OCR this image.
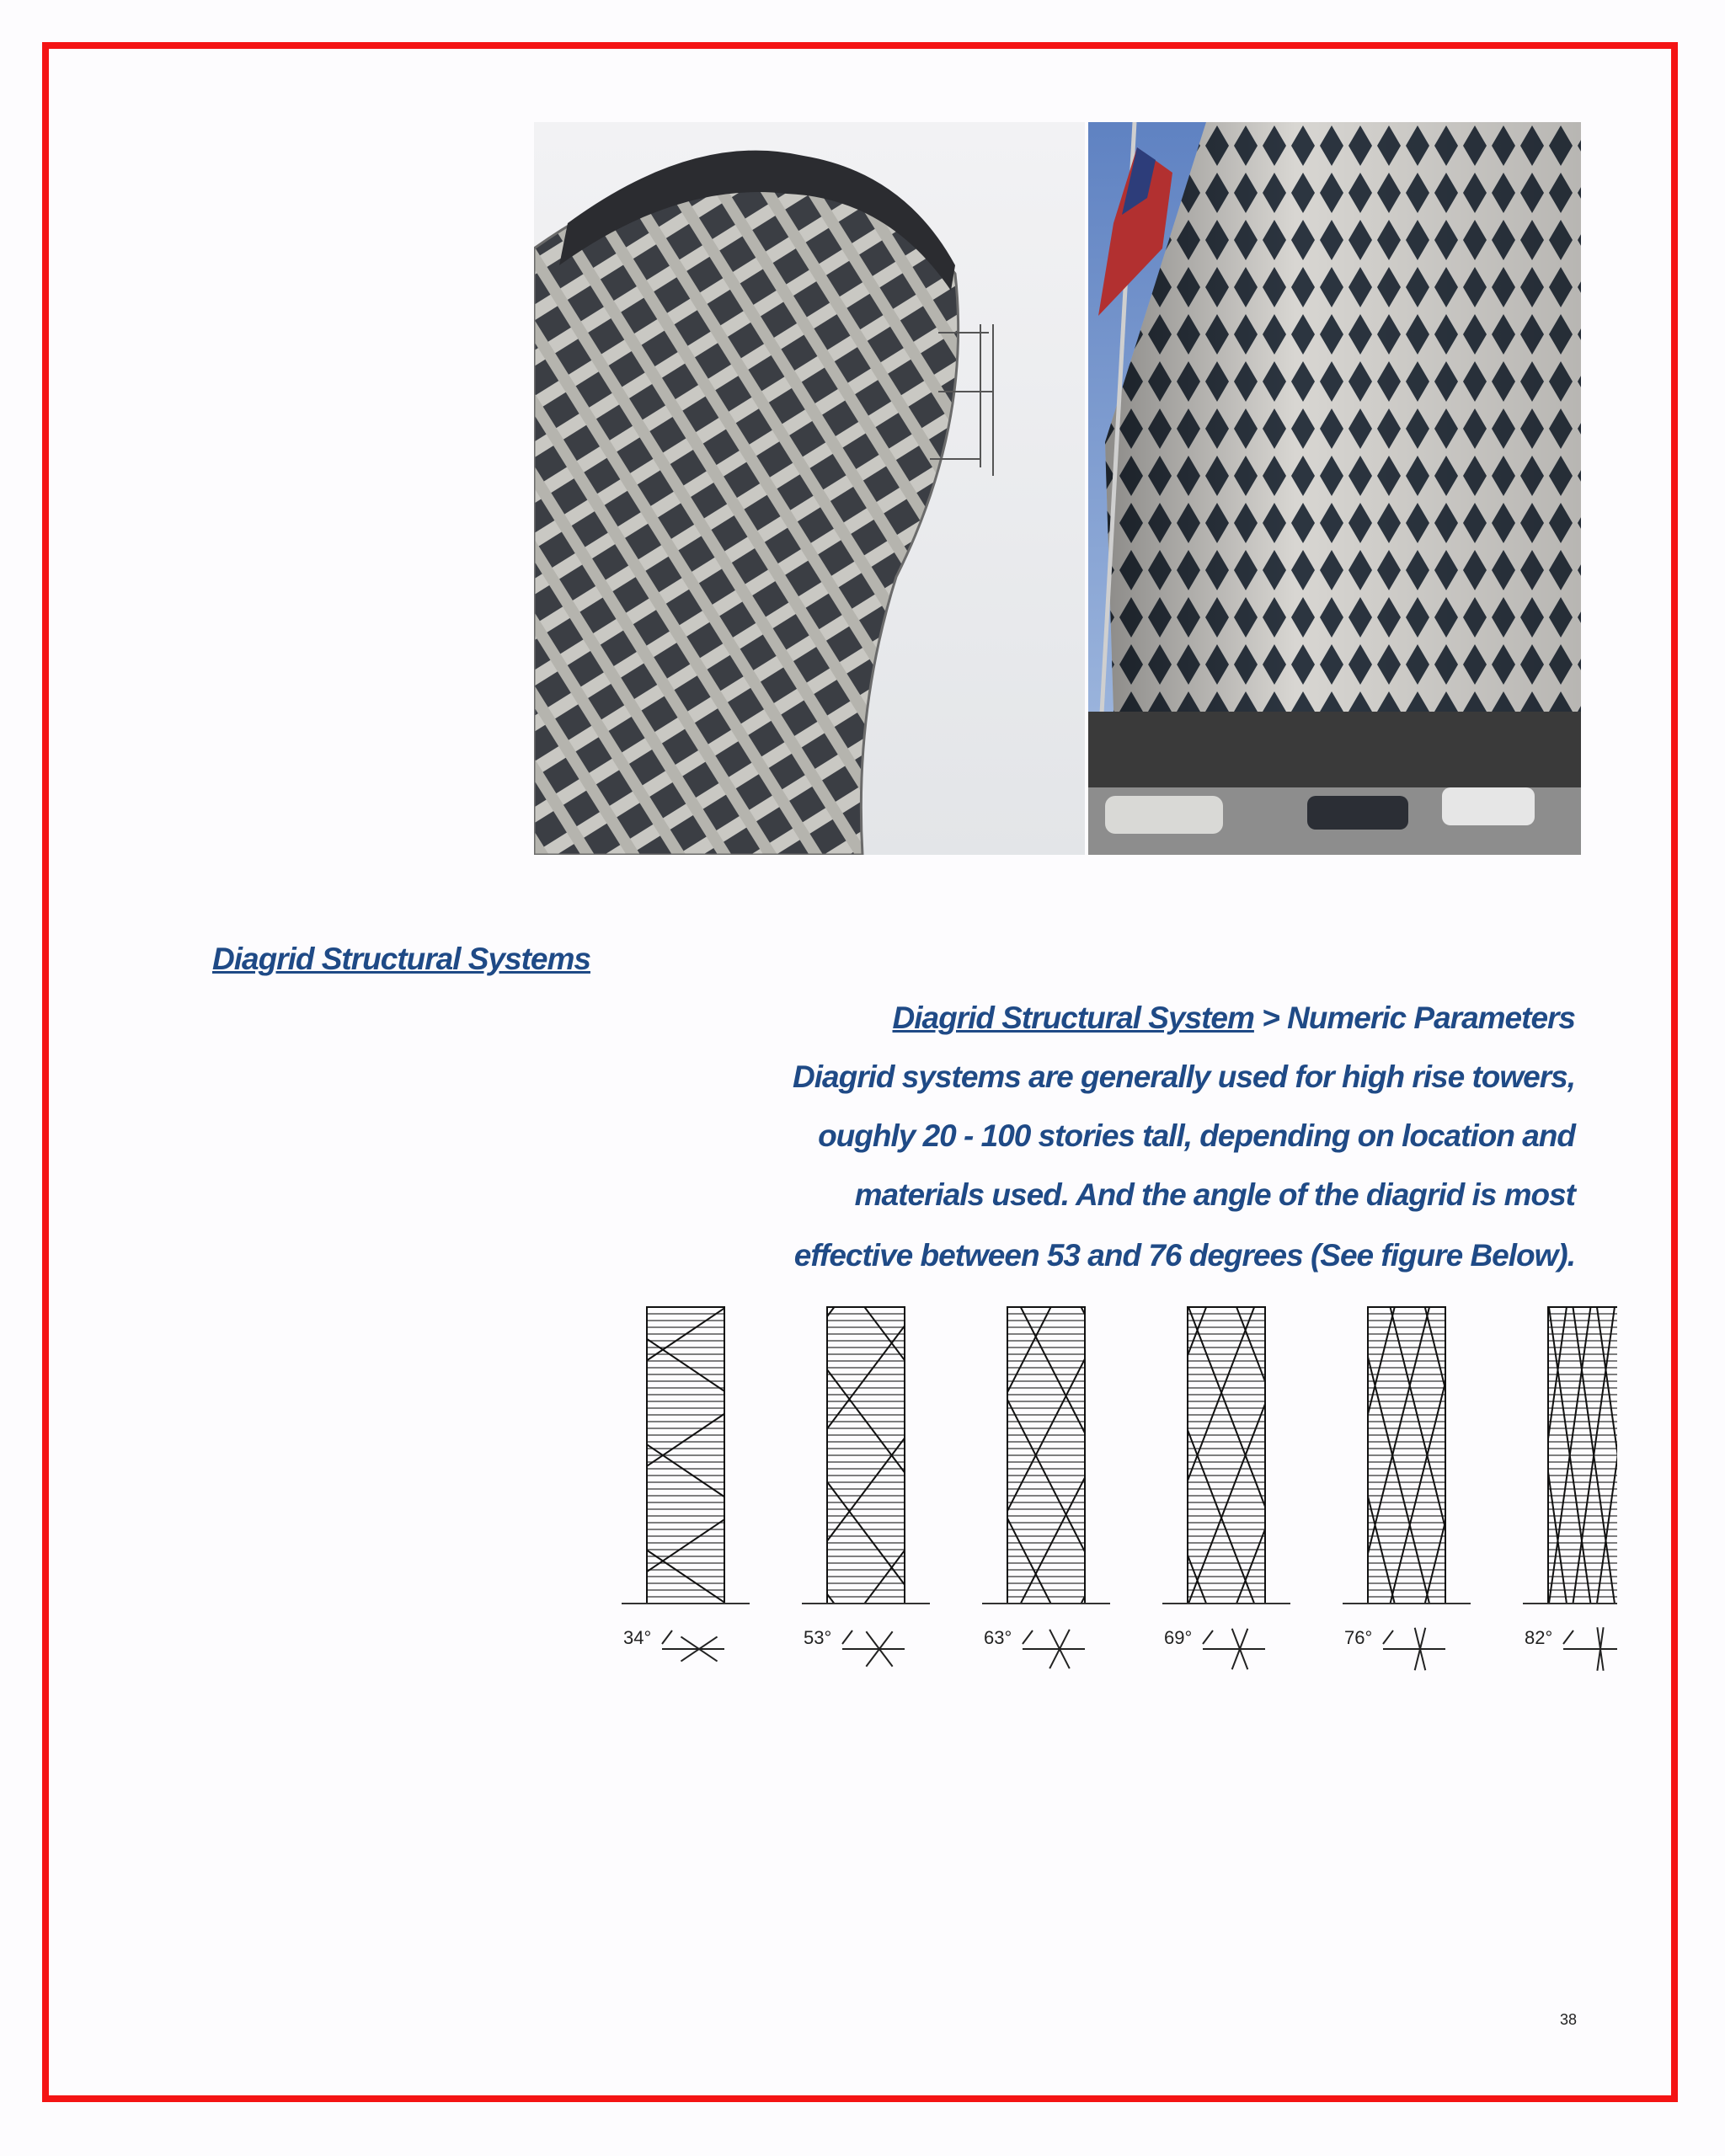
Diagrid Structural Systems
Diagrid Structural System > Numeric Parameters
Diagrid systems are generally used for high rise towers,
oughly 20 - 100 stories tall, depending on location and
materials used. And the angle of the diagrid is most
effective between 53 and 76 degrees (See figure Below).
34°	53°	63°	69°	76°	82°
38
